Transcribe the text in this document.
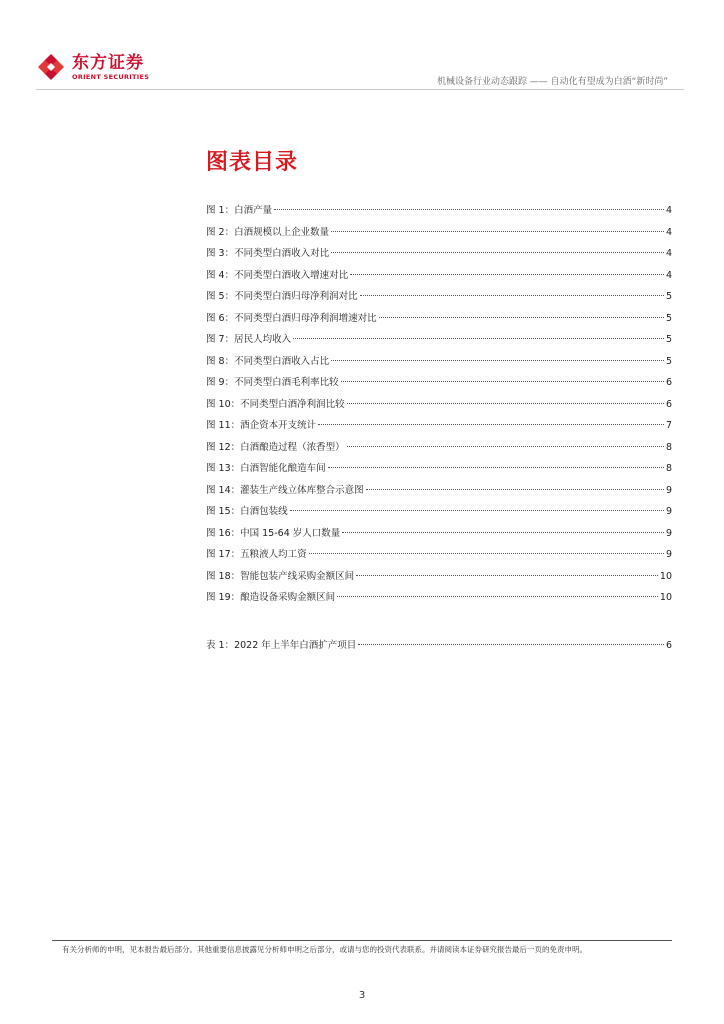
东方证券
ORIENT SECURITIES
机械设备行业动态跟踪 —— 自动化有望成为白酒“新时尚”
图表目录
图 1：白酒产量	4
图 2：白酒规模以上企业数量	4
图 3：不同类型白酒收入对比	4
图 4：不同类型白酒收入增速对比	4
图 5：不同类型白酒归母净利润对比	5
图 6：不同类型白酒归母净利润增速对比	5
图 7：居民人均收入	5
图 8：不同类型白酒收入占比	5
图 9：不同类型白酒毛利率比较	6
图 10：不同类型白酒净利润比较	6
图 11：酒企资本开支统计	7
图 12：白酒酿造过程（浓香型）	8
图 13：白酒智能化酿造车间	8
图 14：灌装生产线立体库整合示意图	9
图 15：白酒包装线	9
图 16：中国 15-64 岁人口数量	9
图 17：五粮液人均工资	9
图 18：智能包装产线采购金额区间	10
图 19：酿造设备采购金额区间	10
表 1：2022 年上半年白酒扩产项目	6
有关分析师的申明，见本报告最后部分。其他重要信息披露见分析师申明之后部分，或请与您的投资代表联系。并请阅读本证券研究报告最后一页的免责申明。
3
